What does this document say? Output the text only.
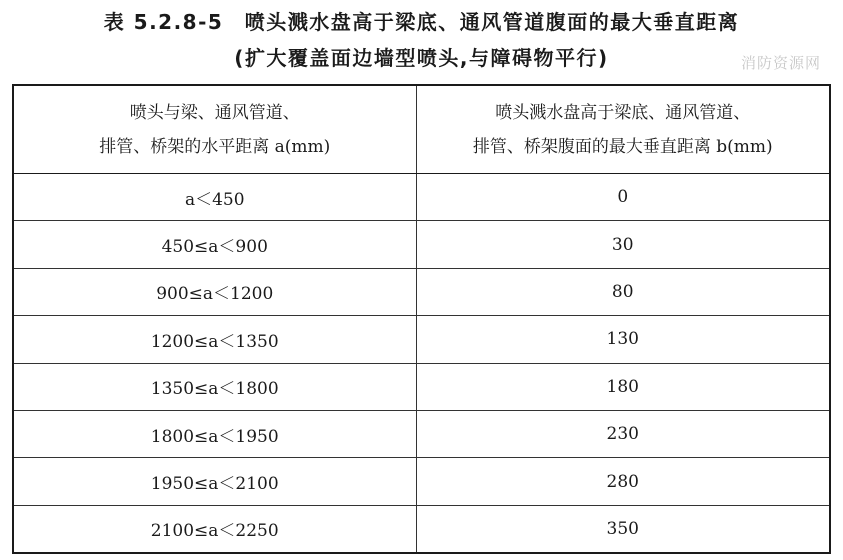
表 5.2.8-5　喷头溅水盘高于梁底、通风管道腹面的最大垂直距离
(扩大覆盖面边墙型喷头,与障碍物平行)	消防资源网
喷头与梁、通风管道、
排管、桥架的水平距离 a(mm)	喷头溅水盘高于梁底、通风管道、
排管、桥架腹面的最大垂直距离 b(mm)

a＜450	0
450≤a＜900	30
900≤a＜1200	80
1200≤a＜1350	130
1350≤a＜1800	180
1800≤a＜1950	230
1950≤a＜2100	280
2100≤a＜2250	350
